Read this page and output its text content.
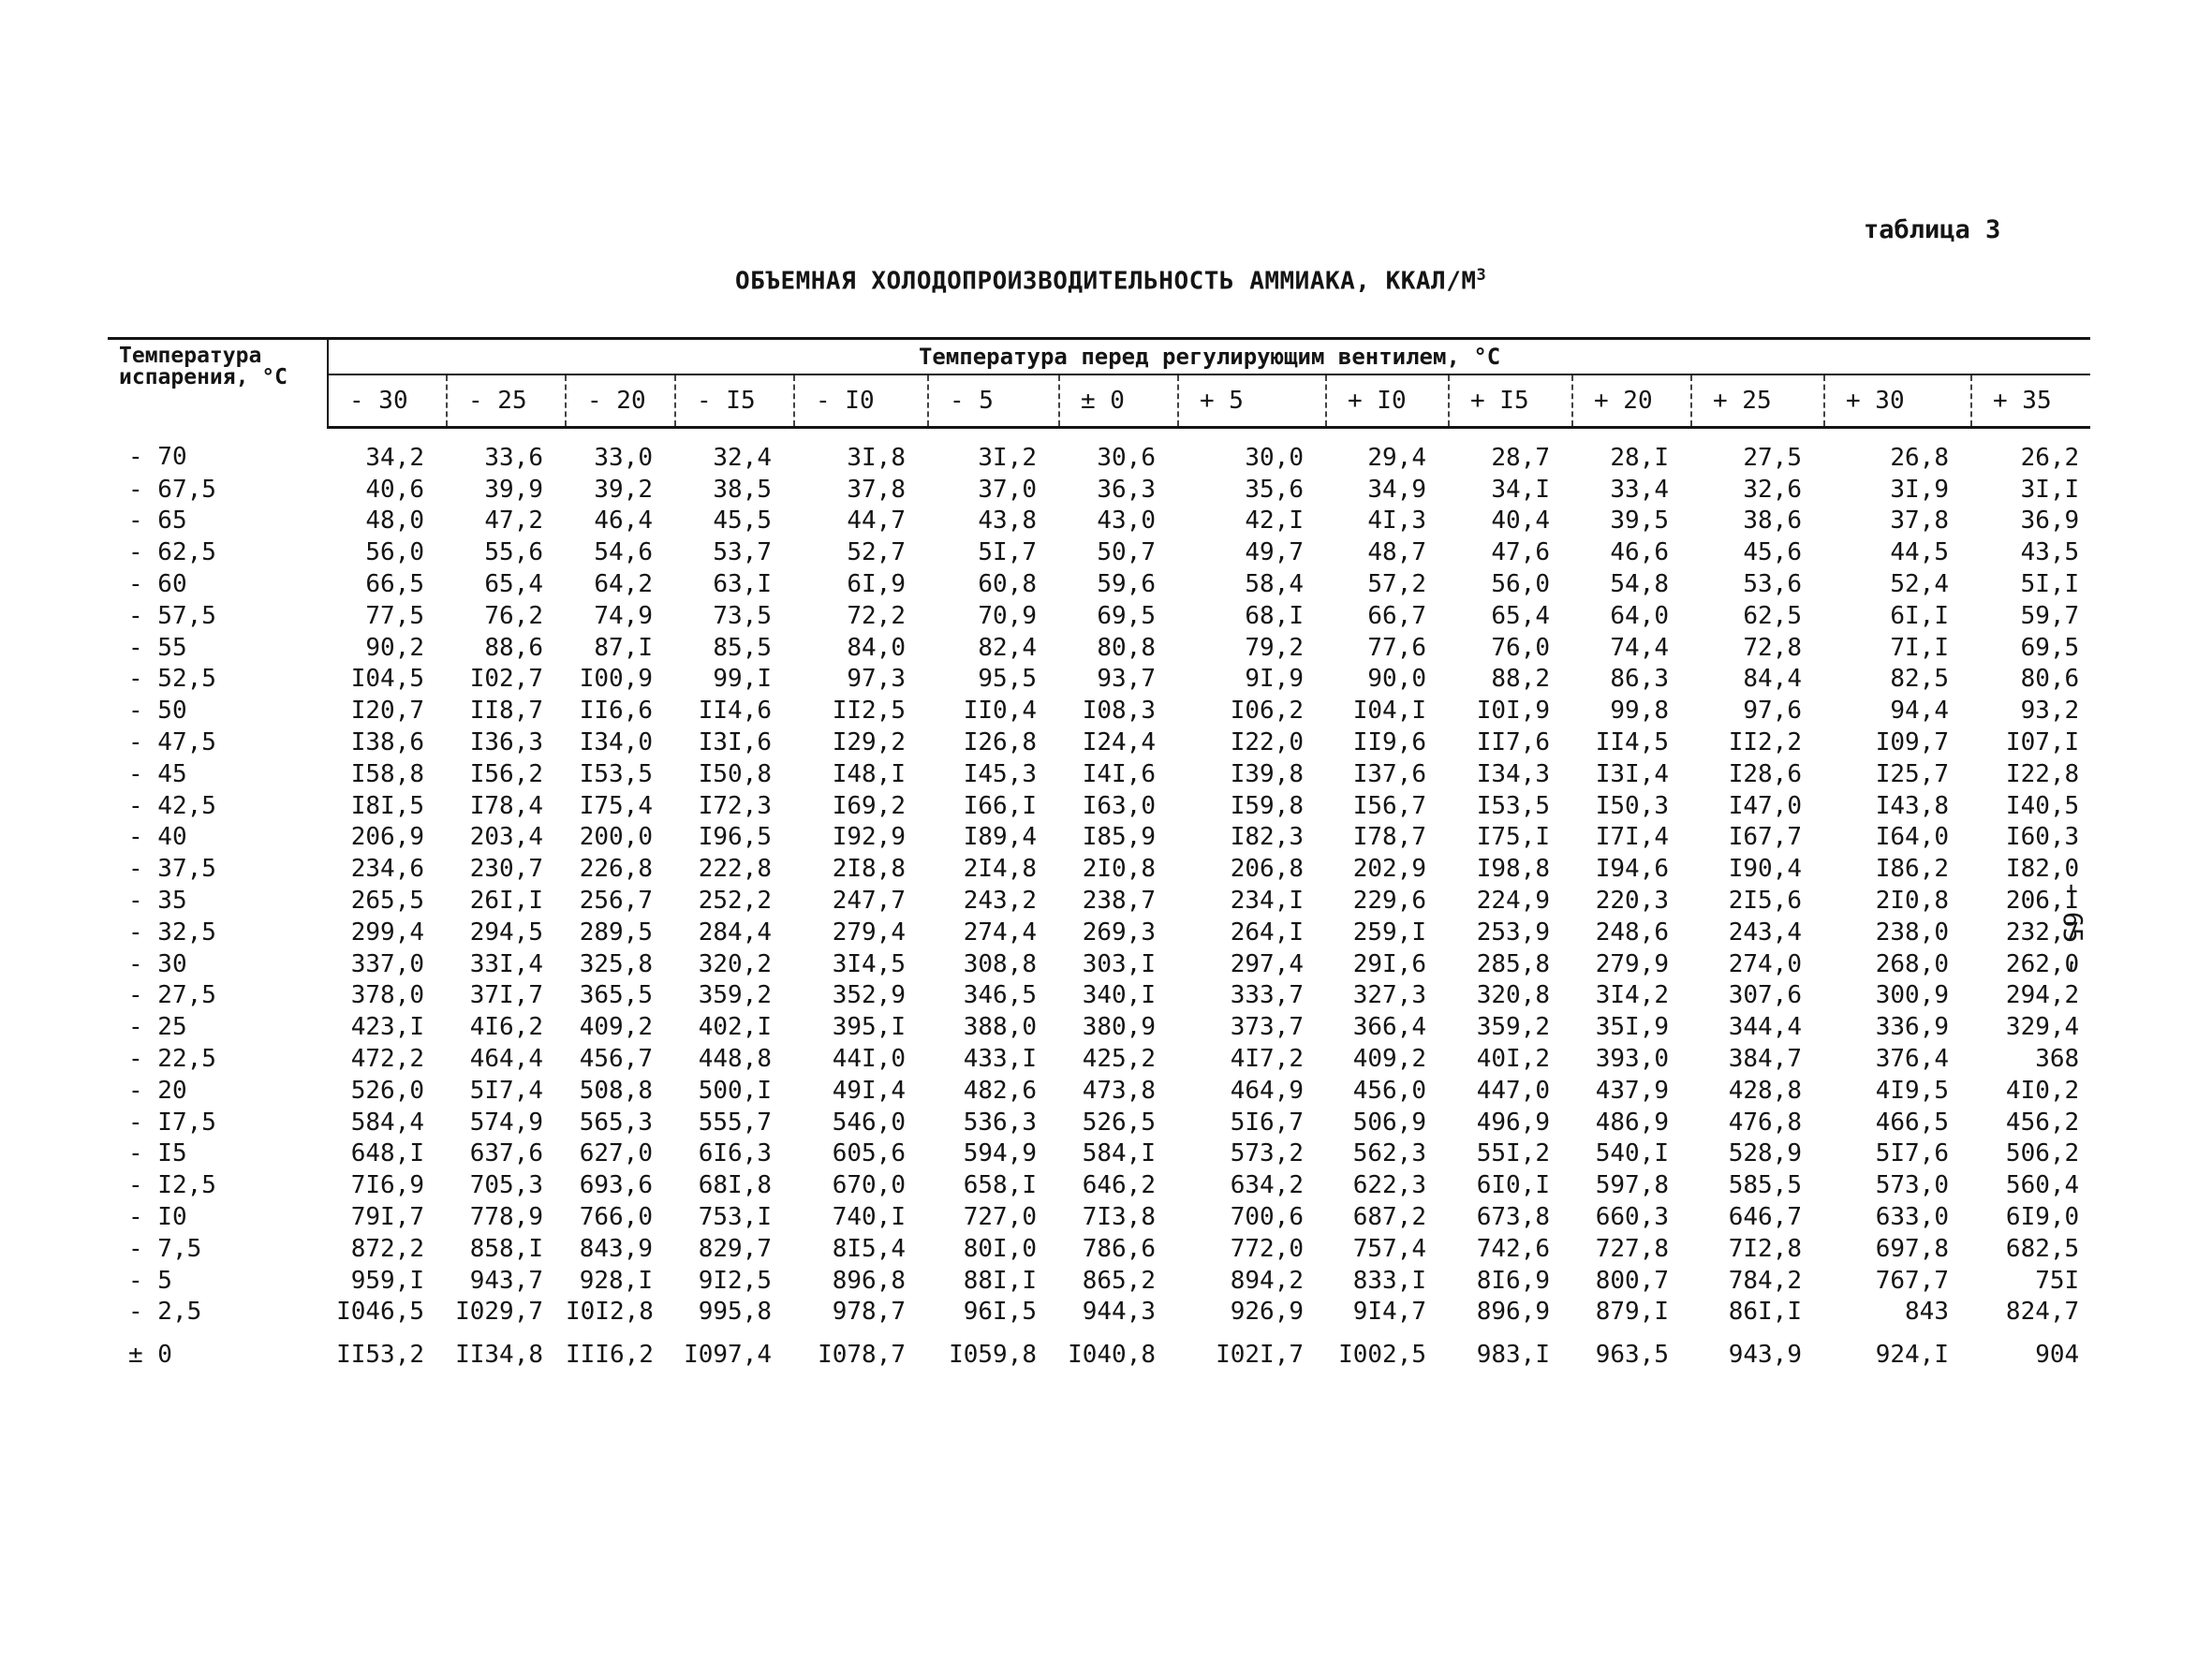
таблица 3
ОБЪЕМНАЯ ХОЛОДОПРОИЗВОДИТЕЛЬНОСТЬ АММИАКА, ККАЛ/$М^3$
- 65 -
Температура испарения, °C	Температура перед регулирующим вентилем, °C													
	- 30	- 25	- 20	- I5	- I0	- 5	± 0	+ 5	+ I0	+ I5	+ 20	+ 25	+ 30	+ 35
- 70	34,2	33,6	33,0	32,4	3I,8	3I,2	30,6	30,0	29,4	28,7	28,I	27,5	26,8	26,2
- 67,5	40,6	39,9	39,2	38,5	37,8	37,0	36,3	35,6	34,9	34,I	33,4	32,6	3I,9	3I,I
- 65	48,0	47,2	46,4	45,5	44,7	43,8	43,0	42,I	4I,3	40,4	39,5	38,6	37,8	36,9
- 62,5	56,0	55,6	54,6	53,7	52,7	5I,7	50,7	49,7	48,7	47,6	46,6	45,6	44,5	43,5
- 60	66,5	65,4	64,2	63,I	6I,9	60,8	59,6	58,4	57,2	56,0	54,8	53,6	52,4	5I,I
- 57,5	77,5	76,2	74,9	73,5	72,2	70,9	69,5	68,I	66,7	65,4	64,0	62,5	6I,I	59,7
- 55	90,2	88,6	87,I	85,5	84,0	82,4	80,8	79,2	77,6	76,0	74,4	72,8	7I,I	69,5
- 52,5	I04,5	I02,7	I00,9	99,I	97,3	95,5	93,7	9I,9	90,0	88,2	86,3	84,4	82,5	80,6
- 50	I20,7	II8,7	II6,6	II4,6	II2,5	II0,4	I08,3	I06,2	I04,I	I0I,9	99,8	97,6	94,4	93,2
- 47,5	I38,6	I36,3	I34,0	I3I,6	I29,2	I26,8	I24,4	I22,0	II9,6	II7,6	II4,5	II2,2	I09,7	I07,I
- 45	I58,8	I56,2	I53,5	I50,8	I48,I	I45,3	I4I,6	I39,8	I37,6	I34,3	I3I,4	I28,6	I25,7	I22,8
- 42,5	I8I,5	I78,4	I75,4	I72,3	I69,2	I66,I	I63,0	I59,8	I56,7	I53,5	I50,3	I47,0	I43,8	I40,5
- 40	206,9	203,4	200,0	I96,5	I92,9	I89,4	I85,9	I82,3	I78,7	I75,I	I7I,4	I67,7	I64,0	I60,3
- 37,5	234,6	230,7	226,8	222,8	2I8,8	2I4,8	2I0,8	206,8	202,9	I98,8	I94,6	I90,4	I86,2	I82,0
- 35	265,5	26I,I	256,7	252,2	247,7	243,2	238,7	234,I	229,6	224,9	220,3	2I5,6	2I0,8	206,I
- 32,5	299,4	294,5	289,5	284,4	279,4	274,4	269,3	264,I	259,I	253,9	248,6	243,4	238,0	232,7
- 30	337,0	33I,4	325,8	320,2	3I4,5	308,8	303,I	297,4	29I,6	285,8	279,9	274,0	268,0	262,0
- 27,5	378,0	37I,7	365,5	359,2	352,9	346,5	340,I	333,7	327,3	320,8	3I4,2	307,6	300,9	294,2
- 25	423,I	4I6,2	409,2	402,I	395,I	388,0	380,9	373,7	366,4	359,2	35I,9	344,4	336,9	329,4
- 22,5	472,2	464,4	456,7	448,8	44I,0	433,I	425,2	4I7,2	409,2	40I,2	393,0	384,7	376,4	368
- 20	526,0	5I7,4	508,8	500,I	49I,4	482,6	473,8	464,9	456,0	447,0	437,9	428,8	4I9,5	4I0,2
- I7,5	584,4	574,9	565,3	555,7	546,0	536,3	526,5	5I6,7	506,9	496,9	486,9	476,8	466,5	456,2
- I5	648,I	637,6	627,0	6I6,3	605,6	594,9	584,I	573,2	562,3	55I,2	540,I	528,9	5I7,6	506,2
- I2,5	7I6,9	705,3	693,6	68I,8	670,0	658,I	646,2	634,2	622,3	6I0,I	597,8	585,5	573,0	560,4
- I0	79I,7	778,9	766,0	753,I	740,I	727,0	7I3,8	700,6	687,2	673,8	660,3	646,7	633,0	6I9,0
- 7,5	872,2	858,I	843,9	829,7	8I5,4	80I,0	786,6	772,0	757,4	742,6	727,8	7I2,8	697,8	682,5
- 5	959,I	943,7	928,I	9I2,5	896,8	88I,I	865,2	894,2	833,I	8I6,9	800,7	784,2	767,7	75I
- 2,5	I046,5	I029,7	I0I2,8	995,8	978,7	96I,5	944,3	926,9	9I4,7	896,9	879,I	86I,I	843	824,7
± 0	II53,2	II34,8	III6,2	I097,4	I078,7	I059,8	I040,8	I02I,7	I002,5	983,I	963,5	943,9	924,I	904
